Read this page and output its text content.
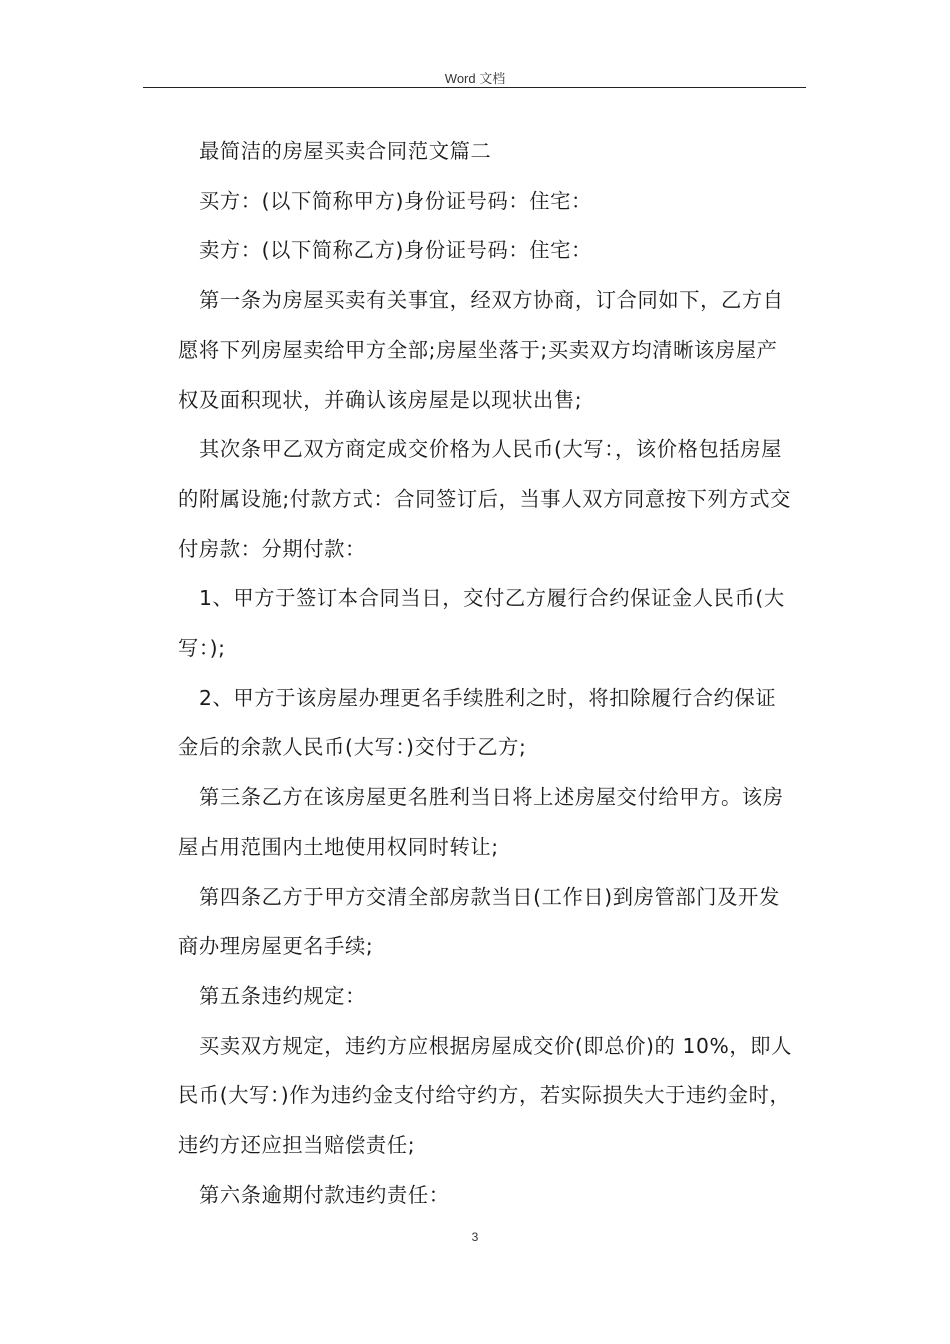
Word 文档

最简洁的房屋买卖合同范文篇二

买方：(以下简称甲方)身份证号码：住宅：

卖方：(以下简称乙方)身份证号码：住宅：

第一条为房屋买卖有关事宜，经双方协商，订合同如下，乙方自愿将下列房屋卖给甲方全部;房屋坐落于;买卖双方均清晰该房屋产权及面积现状，并确认该房屋是以现状出售;

其次条甲乙双方商定成交价格为人民币(大写：，该价格包括房屋的附属设施;付款方式：合同签订后，当事人双方同意按下列方式交付房款：分期付款：

1、甲方于签订本合同当日，交付乙方履行合约保证金人民币(大写：);

2、甲方于该房屋办理更名手续胜利之时，将扣除履行合约保证金后的余款人民币(大写：)交付于乙方;

第三条乙方在该房屋更名胜利当日将上述房屋交付给甲方。该房屋占用范围内土地使用权同时转让;

第四条乙方于甲方交清全部房款当日(工作日)到房管部门及开发商办理房屋更名手续;

第五条违约规定：

买卖双方规定，违约方应根据房屋成交价(即总价)的 10%，即人民币(大写：)作为违约金支付给守约方，若实际损失大于违约金时，违约方还应担当赔偿责任;

第六条逾期付款违约责任：

3
